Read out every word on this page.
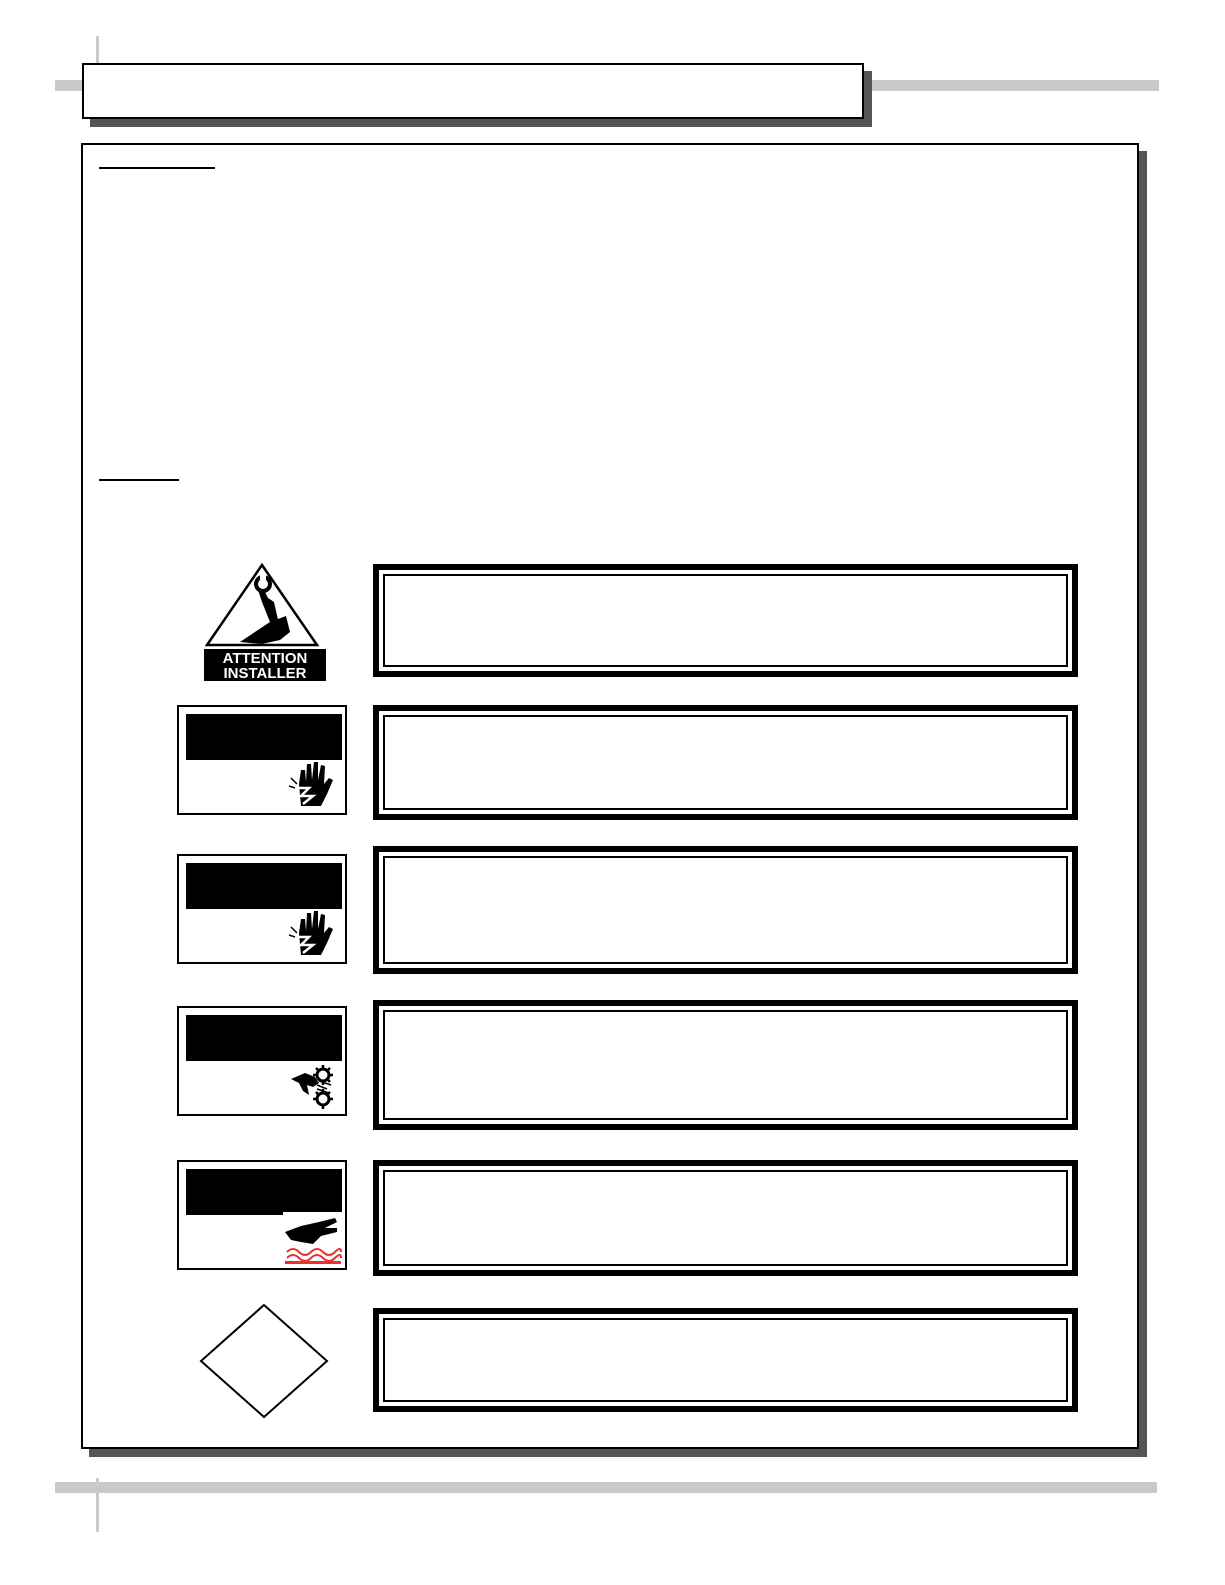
ATTENTION
INSTALLER
